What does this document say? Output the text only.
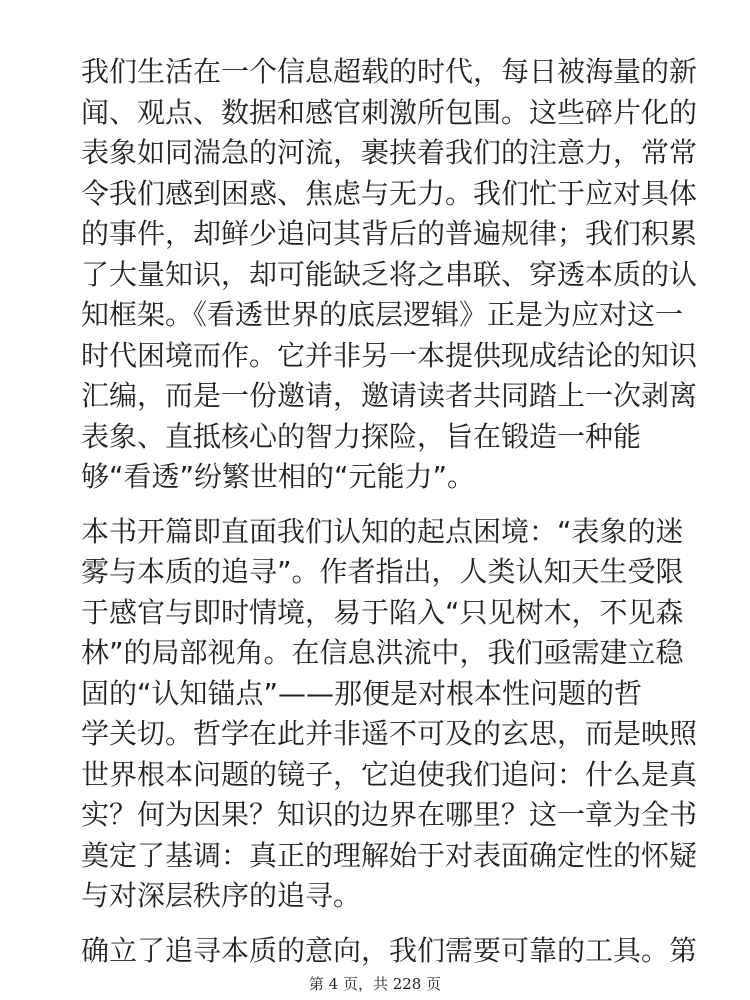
我们生活在一个信息超载的时代，每日被海量的新
闻、观点、数据和感官刺激所包围。这些碎片化的
表象如同湍急的河流，裹挟着我们的注意力，常常
令我们感到困惑、焦虑与无力。我们忙于应对具体
的事件，却鲜少追问其背后的普遍规律；我们积累
了大量知识，却可能缺乏将之串联、穿透本质的认
知框架。《看透世界的底层逻辑》正是为应对这一
时代困境而作。它并非另一本提供现成结论的知识
汇编，而是一份邀请，邀请读者共同踏上一次剥离
表象、直抵核心的智力探险，旨在锻造一种能
够“看透”纷繁世相的“元能力”。
本书开篇即直面我们认知的起点困境：“表象的迷
雾与本质的追寻”。作者指出，人类认知天生受限
于感官与即时情境，易于陷入“只见树木，不见森
林”的局部视角。在信息洪流中，我们亟需建立稳
固的“认知锚点”——那便是对根本性问题的哲
学关切。哲学在此并非遥不可及的玄思，而是映照
世界根本问题的镜子，它迫使我们追问：什么是真
实？何为因果？知识的边界在哪里？这一章为全书
奠定了基调：真正的理解始于对表面确定性的怀疑
与对深层秩序的追寻。
确立了追寻本质的意向，我们需要可靠的工具。第
第 4 页，共 228 页
